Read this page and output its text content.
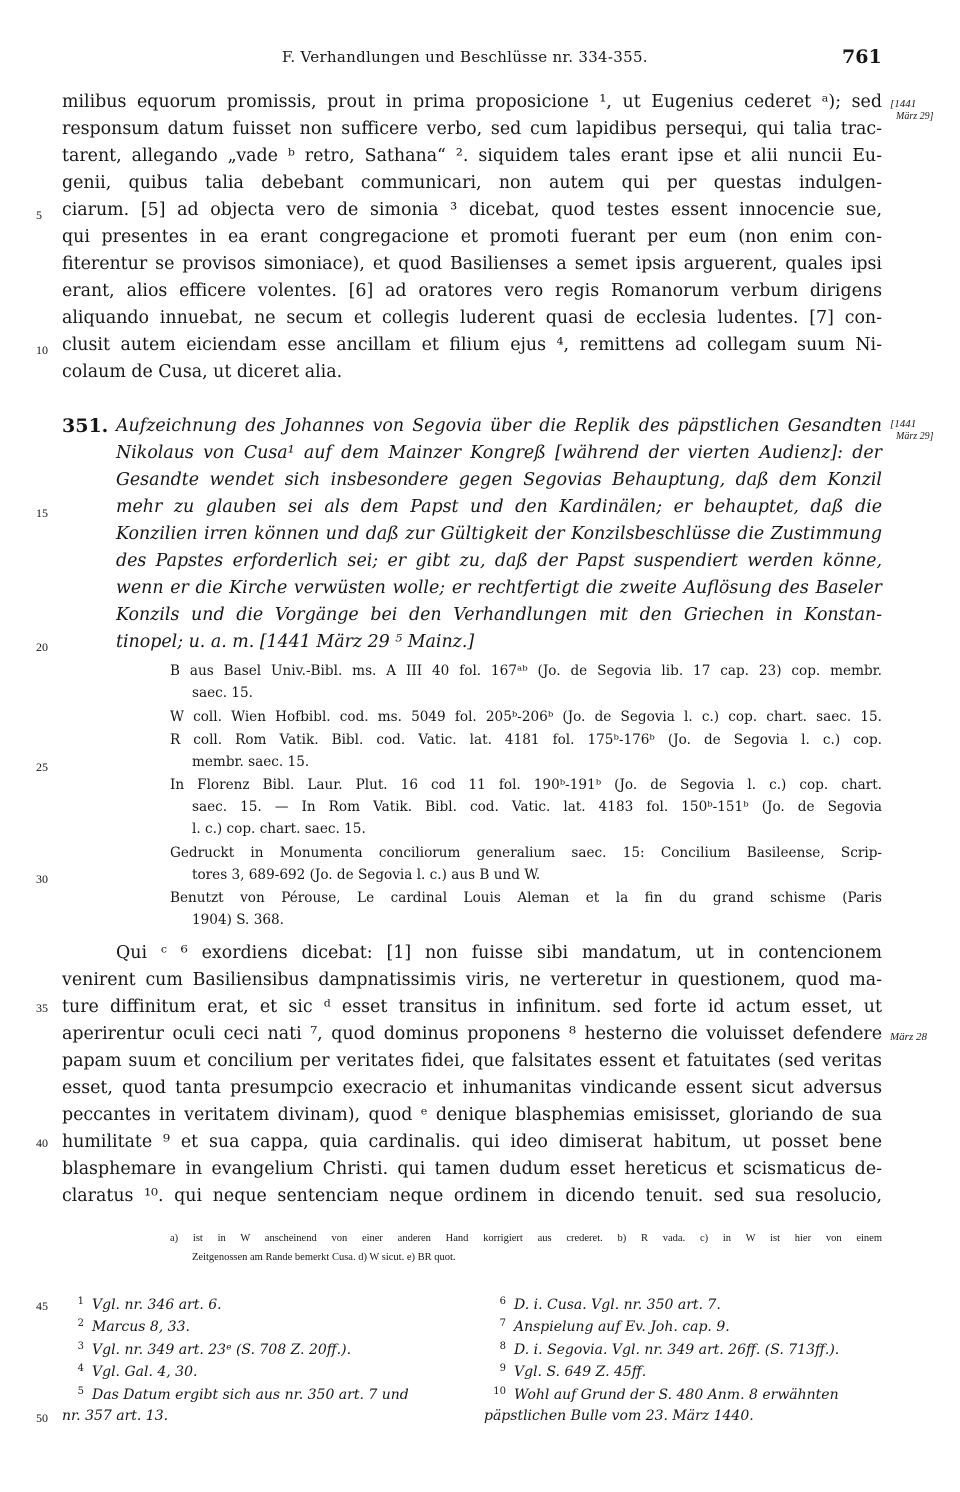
F. Verhandlungen und Beschlüsse nr. 334-355.	761
[1441
März 29]
[1441
März 29]
März 28
5
10
15
20
25
30
35
40
45
50
milibus equorum promissis, prout in prima proposicione ¹, ut Eugenius cederet ᵃ); sed
responsum datum fuisset non sufficere verbo, sed cum lapidibus persequi, qui talia trac-
tarent, allegando „vade ᵇ retro, Sathana“ ². siquidem tales erant ipse et alii nuncii Eu-
genii, quibus talia debebant communicari, non autem qui per questas indulgen-
ciarum. [5] ad objecta vero de simonia ³ dicebat, quod testes essent innocencie sue,
qui presentes in ea erant congregacione et promoti fuerant per eum (non enim con-
fiterentur se provisos simoniace), et quod Basilienses a semet ipsis arguerent, quales ipsi
erant, alios efficere volentes. [6] ad oratores vero regis Romanorum verbum dirigens
aliquando innuebat, ne secum et collegis luderent quasi de ecclesia ludentes. [7] con-
clusit autem eiciendam esse ancillam et filium ejus ⁴, remittens ad collegam suum Ni-
colaum de Cusa, ut diceret alia.
351. Aufzeichnung des Johannes von Segovia über die Replik des päpstlichen Gesandten
Nikolaus von Cusa¹ auf dem Mainzer Kongreß [während der vierten Audienz]: der
Gesandte wendet sich insbesondere gegen Segovias Behauptung, daß dem Konzil
mehr zu glauben sei als dem Papst und den Kardinälen; er behauptet, daß die
Konzilien irren können und daß zur Gültigkeit der Konzilsbeschlüsse die Zustimmung
des Papstes erforderlich sei; er gibt zu, daß der Papst suspendiert werden könne,
wenn er die Kirche verwüsten wolle; er rechtfertigt die zweite Auflösung des Baseler
Konzils und die Vorgänge bei den Verhandlungen mit den Griechen in Konstan-
tinopel; u. a. m. [1441 März 29 ⁵ Mainz.]
B aus Basel Univ.-Bibl. ms. A III 40 fol. 167ᵃᵇ (Jo. de Segovia lib. 17 cap. 23) cop. membr.
saec. 15.
W coll. Wien Hofbibl. cod. ms. 5049 fol. 205ᵇ-206ᵇ (Jo. de Segovia l. c.) cop. chart. saec. 15.
R coll. Rom Vatik. Bibl. cod. Vatic. lat. 4181 fol. 175ᵇ-176ᵇ (Jo. de Segovia l. c.) cop.
membr. saec. 15.
In Florenz Bibl. Laur. Plut. 16 cod 11 fol. 190ᵇ-191ᵇ (Jo. de Segovia l. c.) cop. chart.
saec. 15. — In Rom Vatik. Bibl. cod. Vatic. lat. 4183 fol. 150ᵇ-151ᵇ (Jo. de Segovia
l. c.) cop. chart. saec. 15.
Gedruckt in Monumenta conciliorum generalium saec. 15: Concilium Basileense, Scrip-
tores 3, 689-692 (Jo. de Segovia l. c.) aus B und W.
Benutzt von Pérouse, Le cardinal Louis Aleman et la fin du grand schisme (Paris
1904) S. 368.
Qui ᶜ ⁶ exordiens dicebat: [1] non fuisse sibi mandatum, ut in contencionem
venirent cum Basiliensibus dampnatissimis viris, ne verteretur in questionem, quod ma-
ture diffinitum erat, et sic ᵈ esset transitus in infinitum. sed forte id actum esset, ut
aperirentur oculi ceci nati ⁷, quod dominus proponens ⁸ hesterno die voluisset defendere
papam suum et concilium per veritates fidei, que falsitates essent et fatuitates (sed veritas
esset, quod tanta presumpcio execracio et inhumanitas vindicande essent sicut adversus
peccantes in veritatem divinam), quod ᵉ denique blasphemias emisisset, gloriando de sua
humilitate ⁹ et sua cappa, quia cardinalis. qui ideo dimiserat habitum, ut posset bene
blasphemare in evangelium Christi. qui tamen dudum esset hereticus et scismaticus de-
claratus ¹⁰. qui neque sentenciam neque ordinem in dicendo tenuit. sed sua resolucio,
a) ist in W anscheinend von einer anderen Hand korrigiert aus crederet. b) R vada. c) in W ist hier von einem
Zeitgenossen am Rande bemerkt Cusa. d) W sicut. e) BR quot.
1 Vgl. nr. 346 art. 6.
2 Marcus 8, 33.
3 Vgl. nr. 349 art. 23ᵉ (S. 708 Z. 20ff.).
4 Vgl. Gal. 4, 30.
5 Das Datum ergibt sich aus nr. 350 art. 7 und
nr. 357 art. 13.
6 D. i. Cusa. Vgl. nr. 350 art. 7.
7 Anspielung auf Ev. Joh. cap. 9.
8 D. i. Segovia. Vgl. nr. 349 art. 26ff. (S. 713ff.).
9 Vgl. S. 649 Z. 45ff.
10 Wohl auf Grund der S. 480 Anm. 8 erwähnten
päpstlichen Bulle vom 23. März 1440.
